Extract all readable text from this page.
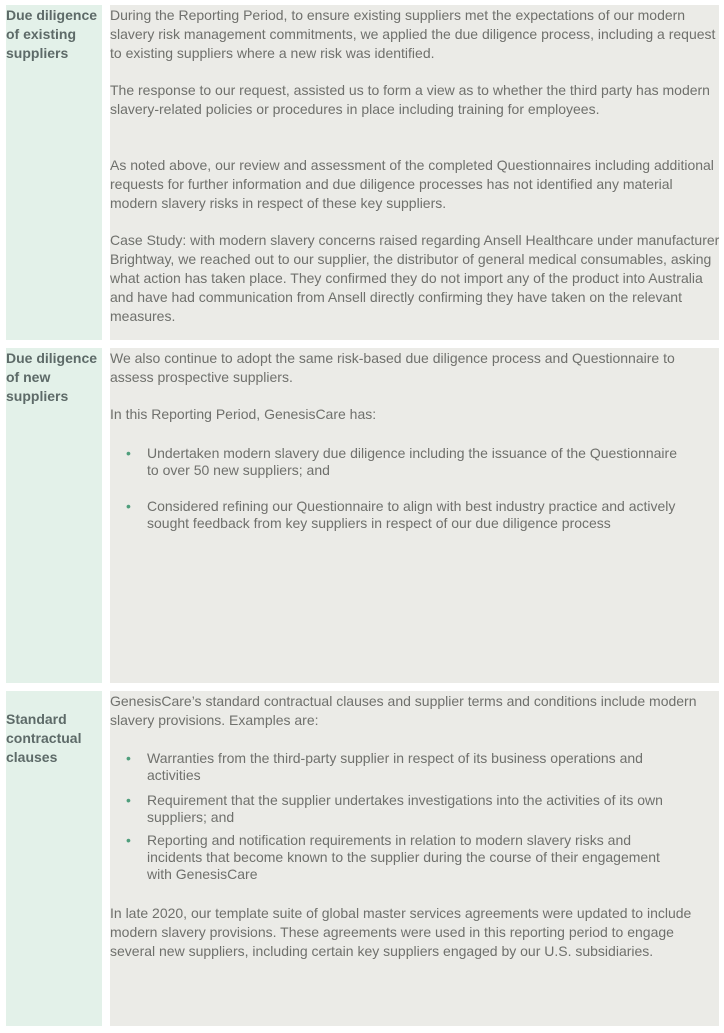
Due diligence of existing suppliers

During the Reporting Period, to ensure existing suppliers met the expectations of our modern slavery risk management commitments, we applied the due diligence process, including a request to existing suppliers where a new risk was identified.

The response to our request, assisted us to form a view as to whether the third party has modern slavery-related policies or procedures in place including training for employees.

As noted above, our review and assessment of the completed Questionnaires including additional requests for further information and due diligence processes has not identified any material modern slavery risks in respect of these key suppliers.

Case Study: with modern slavery concerns raised regarding Ansell Healthcare under manufacturer Brightway, we reached out to our supplier, the distributor of general medical consumables, asking what action has taken place. They confirmed they do not import any of the product into Australia and have had communication from Ansell directly confirming they have taken on the relevant measures.

Due diligence of new suppliers

We also continue to adopt the same risk-based due diligence process and Questionnaire to assess prospective suppliers.

In this Reporting Period, GenesisCare has:

• Undertaken modern slavery due diligence including the issuance of the Questionnaire to over 50 new suppliers; and
• Considered refining our Questionnaire to align with best industry practice and actively sought feedback from key suppliers in respect of our due diligence process
Standard contractual clauses

GenesisCare’s standard contractual clauses and supplier terms and conditions include modern slavery provisions. Examples are:

• Warranties from the third-party supplier in respect of its business operations and activities
• Requirement that the supplier undertakes investigations into the activities of its own suppliers; and
• Reporting and notification requirements in relation to modern slavery risks and incidents that become known to the supplier during the course of their engagement with GenesisCare

In late 2020, our template suite of global master services agreements were updated to include modern slavery provisions. These agreements were used in this reporting period to engage several new suppliers, including certain key suppliers engaged by our U.S. subsidiaries.
